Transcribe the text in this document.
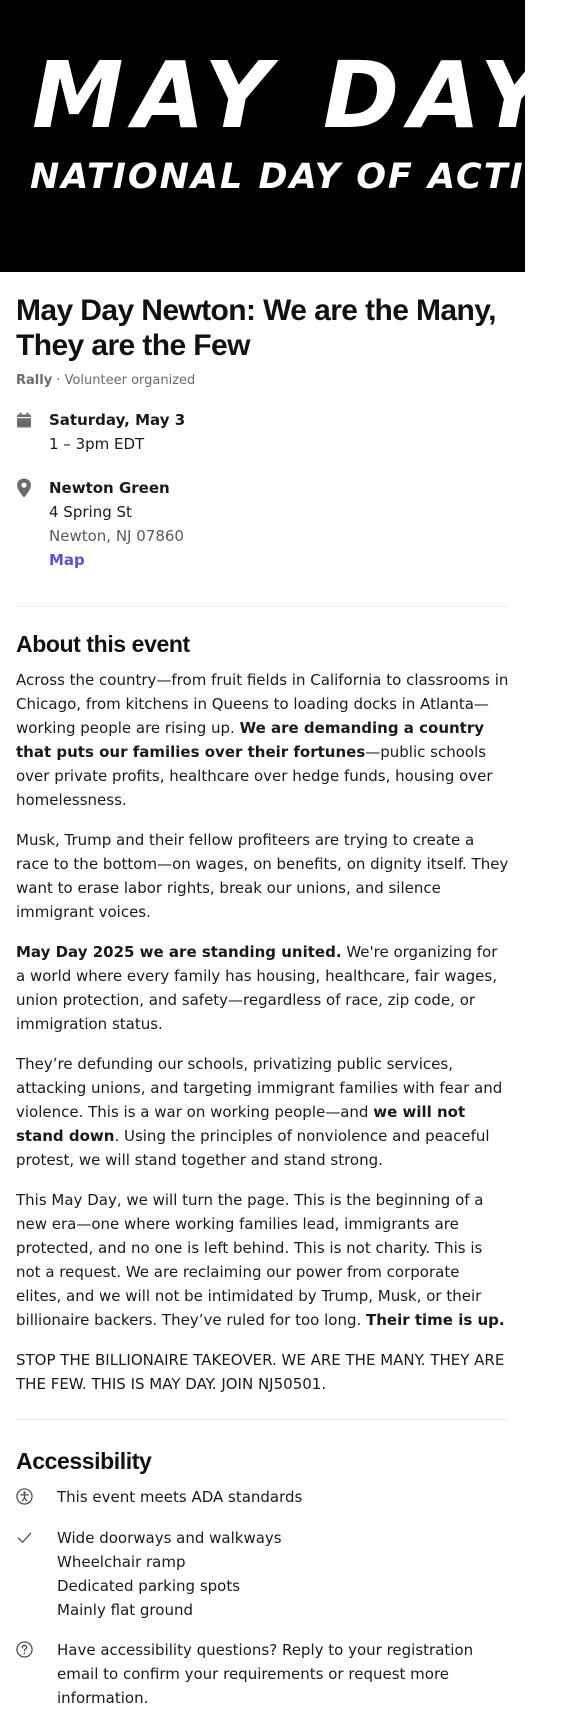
MAY DAY
NATIONAL DAY OF ACTION
May Day Newton: We are the Many, They are the Few
Rally · Volunteer organized
Saturday, May 3
1 – 3pm EDT
Newton Green
4 Spring St
Newton, NJ 07860
Map
About this event

Across the country—from fruit fields in California to classrooms in Chicago, from kitchens in Queens to loading docks in Atlanta—working people are rising up. We are demanding a country that puts our families over their fortunes—public schools over private profits, healthcare over hedge funds, housing over homelessness.

Musk, Trump and their fellow profiteers are trying to create a race to the bottom—on wages, on benefits, on dignity itself. They want to erase labor rights, break our unions, and silence immigrant voices.

May Day 2025 we are standing united. We're organizing for a world where every family has housing, healthcare, fair wages, union protection, and safety—regardless of race, zip code, or immigration status.

They’re defunding our schools, privatizing public services, attacking unions, and targeting immigrant families with fear and violence. This is a war on working people—and we will not stand down. Using the principles of nonviolence and peaceful protest, we will stand together and stand strong.

This May Day, we will turn the page. This is the beginning of a new era—one where working families lead, immigrants are protected, and no one is left behind. This is not charity. This is not a request. We are reclaiming our power from corporate elites, and we will not be intimidated by Trump, Musk, or their billionaire backers. They’ve ruled for too long. Their time is up.

STOP THE BILLIONAIRE TAKEOVER. WE ARE THE MANY. THEY ARE THE FEW. THIS IS MAY DAY. JOIN NJ50501.

Accessibility
This event meets ADA standards
Wide doorways and walkways
Wheelchair ramp
Dedicated parking spots
Mainly flat ground
Have accessibility questions? Reply to your registration email to confirm your requirements or request more information.
